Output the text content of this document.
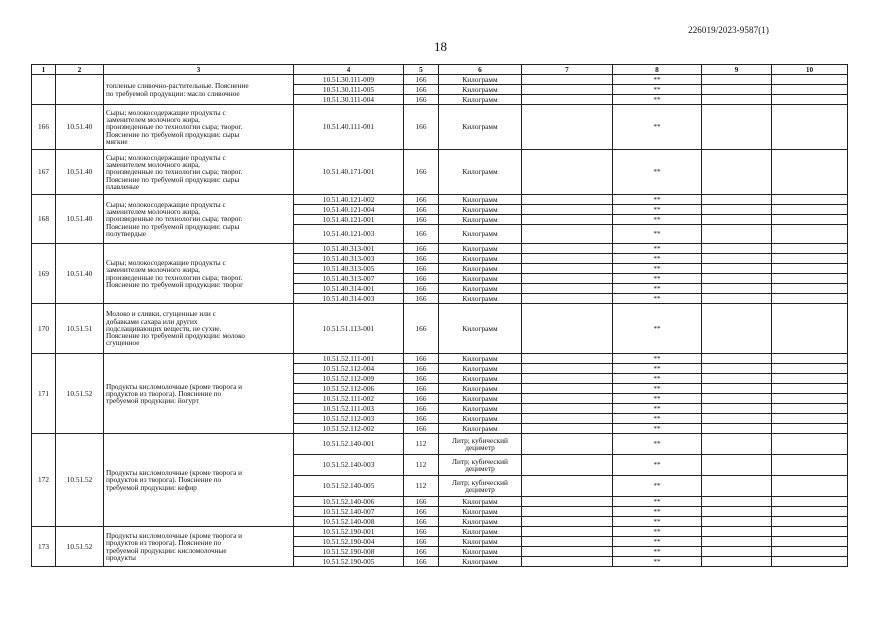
226019/2023-9587(1)
18
1	2	3	4	5	6	7	8	9	10
		топленые сливочно-растительные. Пояснение
по требуемой продукции: масло сливочное	10.51.30.111-009	166	Килограмм		**		
			10.51.30.111-005	166	Килограмм		**		
			10.51.30.111-004	166	Килограмм		**		
166	10.51.40	Сыры; молокосодержащие продукты с
заменителем молочного жира,
произведенные по технологии сыра; творог.
Пояснение по требуемой продукции: сыры
мягкие	10.51.40.111-001	166	Килограмм		**		
167	10.51.40	Сыры; молокосодержащие продукты с
заменителем молочного жира,
произведенные по технологии сыра; творог.
Пояснение по требуемой продукции: сыры
плавленые	10.51.40.171-001	166	Килограмм		**		
168	10.51.40	Сыры; молокосодержащие продукты с
заменителем молочного жира,
произведенные по технологии сыра; творог.
Пояснение по требуемой продукции: сыры
полутвердые	10.51.40.121-002	166	Килограмм		**		
			10.51.40.121-004	166	Килограмм		**		
			10.51.40.121-001	166	Килограмм		**		
			10.51.40.121-003	166	Килограмм		**		
169	10.51.40	Сыры; молокосодержащие продукты с
заменителем молочного жира,
произведенные по технологии сыра; творог.
Пояснение по требуемой продукции: творог	10.51.40.313-001	166	Килограмм		**		
			10.51.40.313-003	166	Килограмм		**		
			10.51.40.313-005	166	Килограмм		**		
			10.51.40.313-007	166	Килограмм		**		
			10.51.40.314-001	166	Килограмм		**		
			10.51.40.314-003	166	Килограмм		**		
170	10.51.51	Молоко и сливки, сгущенные или с
добавками сахара или других
подслащивающих веществ, не сухие.
Пояснение по требуемой продукции: молоко
сгущенное	10.51.51.113-001	166	Килограмм		**		
171	10.51.52	Продукты кисломолочные (кроме творога и
продуктов из творога). Пояснение по
требуемой продукции: йогурт	10.51.52.111-001	166	Килограмм		**		
			10.51.52.112-004	166	Килограмм		**		
			10.51.52.112-009	166	Килограмм		**		
			10.51.52.112-006	166	Килограмм		**		
			10.51.52.111-002	166	Килограмм		**		
			10.51.52.111-003	166	Килограмм		**		
			10.51.52.112-003	166	Килограмм		**		
			10.51.52.112-002	166	Килограмм		**		
172	10.51.52	Продукты кисломолочные (кроме творога и
продуктов из творога). Пояснение по
требуемой продукции: кефир	10.51.52.140-001	112	Литр; кубический дециметр		**		
			10.51.52.140-003	112	Литр; кубический дециметр		**		
			10.51.52.140-005	112	Литр; кубический дециметр		**		
			10.51.52.140-006	166	Килограмм		**		
			10.51.52.140-007	166	Килограмм		**		
			10.51.52.140-008	166	Килограмм		**		
173	10.51.52	Продукты кисломолочные (кроме творога и
продуктов из творога). Пояснение по
требуемой продукции: кисломолочные
продукты	10.51.52.190-001	166	Килограмм		**		
			10.51.52.190-004	166	Килограмм		**		
			10.51.52.190-008	166	Килограмм		**		
			10.51.52.190-005	166	Килограмм		**		
